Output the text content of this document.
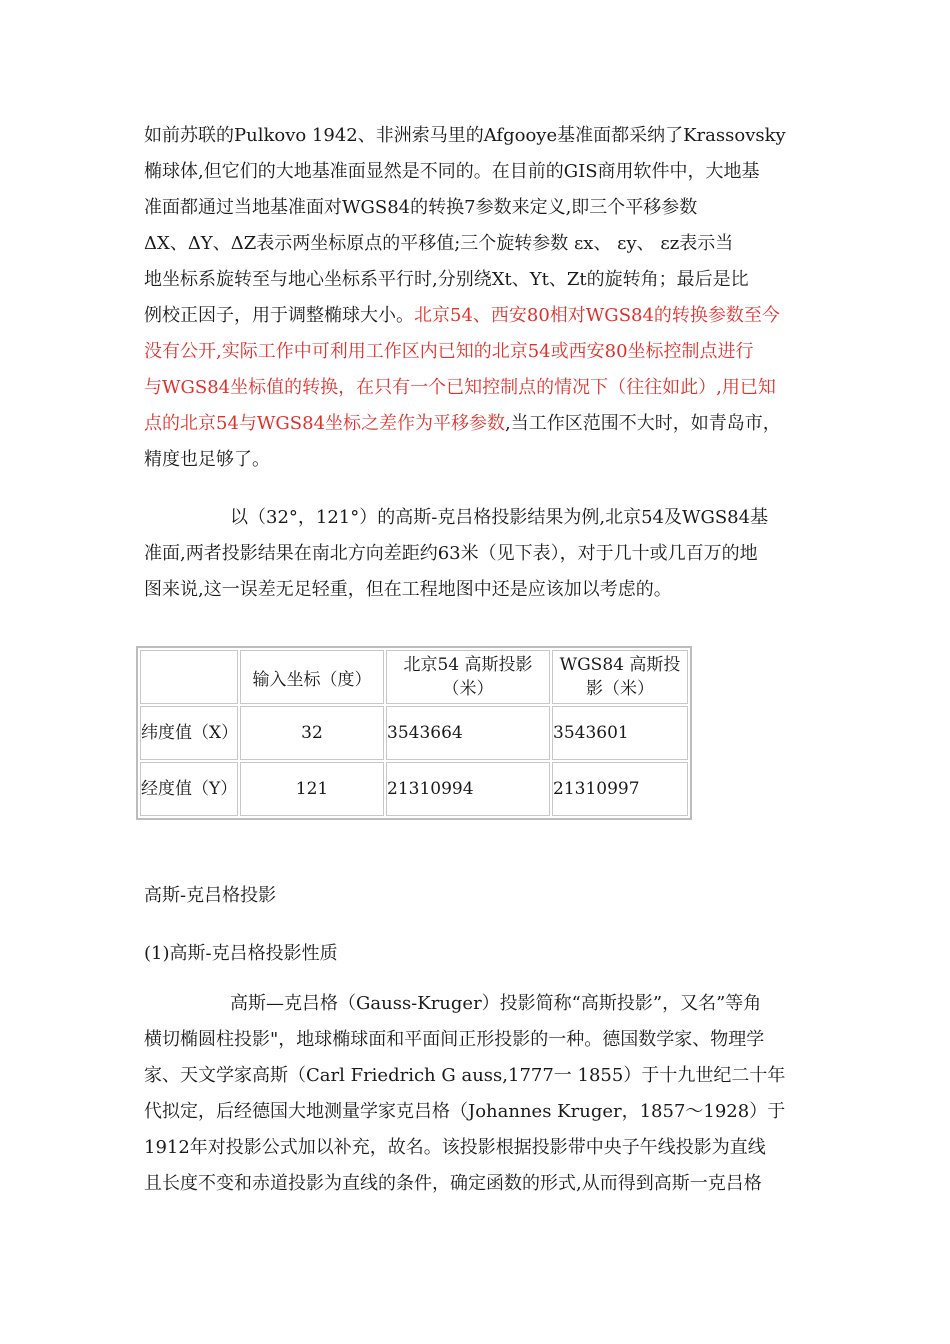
如前苏联的Pulkovo 1942、非洲索马里的Afgooye基准面都采纳了Krassovsky
椭球体,但它们的大地基准面显然是不同的。在目前的GIS商用软件中，大地基
准面都通过当地基准面对WGS84的转换7参数来定义,即三个平移参数
ΔX、ΔY、ΔZ表示两坐标原点的平移值;三个旋转参数 εx、 εy、 εz表示当
地坐标系旋转至与地心坐标系平行时,分别绕Xt、Yt、Zt的旋转角；最后是比
例校正因子，用于调整椭球大小。北京54、西安80相对WGS84的转换参数至今
没有公开,实际工作中可利用工作区内已知的北京54或西安80坐标控制点进行
与WGS84坐标值的转换，在只有一个已知控制点的情况下（往往如此）,用已知
点的北京54与WGS84坐标之差作为平移参数,当工作区范围不大时，如青岛市，
精度也足够了。
以（32°，121°）的高斯-克吕格投影结果为例,北京54及WGS84基
准面,两者投影结果在南北方向差距约63米（见下表），对于几十或几百万的地
图来说,这一误差无足轻重，但在工程地图中还是应该加以考虑的。
	输入坐标（度）	北京54 高斯投影（米）	WGS84 高斯投影（米）
纬度值（X）	32	3543664	3543601
经度值（Y）	121	21310994	21310997
高斯-克吕格投影
(1)高斯-克吕格投影性质
高斯—克吕格（Gauss-Kruger）投影简称“高斯投影”，又名”等角
横切椭圆柱投影"，地球椭球面和平面间正形投影的一种。德国数学家、物理学
家、天文学家高斯（Carl Friedrich G auss,1777一 1855）于十九世纪二十年
代拟定，后经德国大地测量学家克吕格（Johannes Kruger，1857～1928）于
1912年对投影公式加以补充，故名。该投影根据投影带中央子午线投影为直线
且长度不变和赤道投影为直线的条件，确定函数的形式,从而得到高斯一克吕格
